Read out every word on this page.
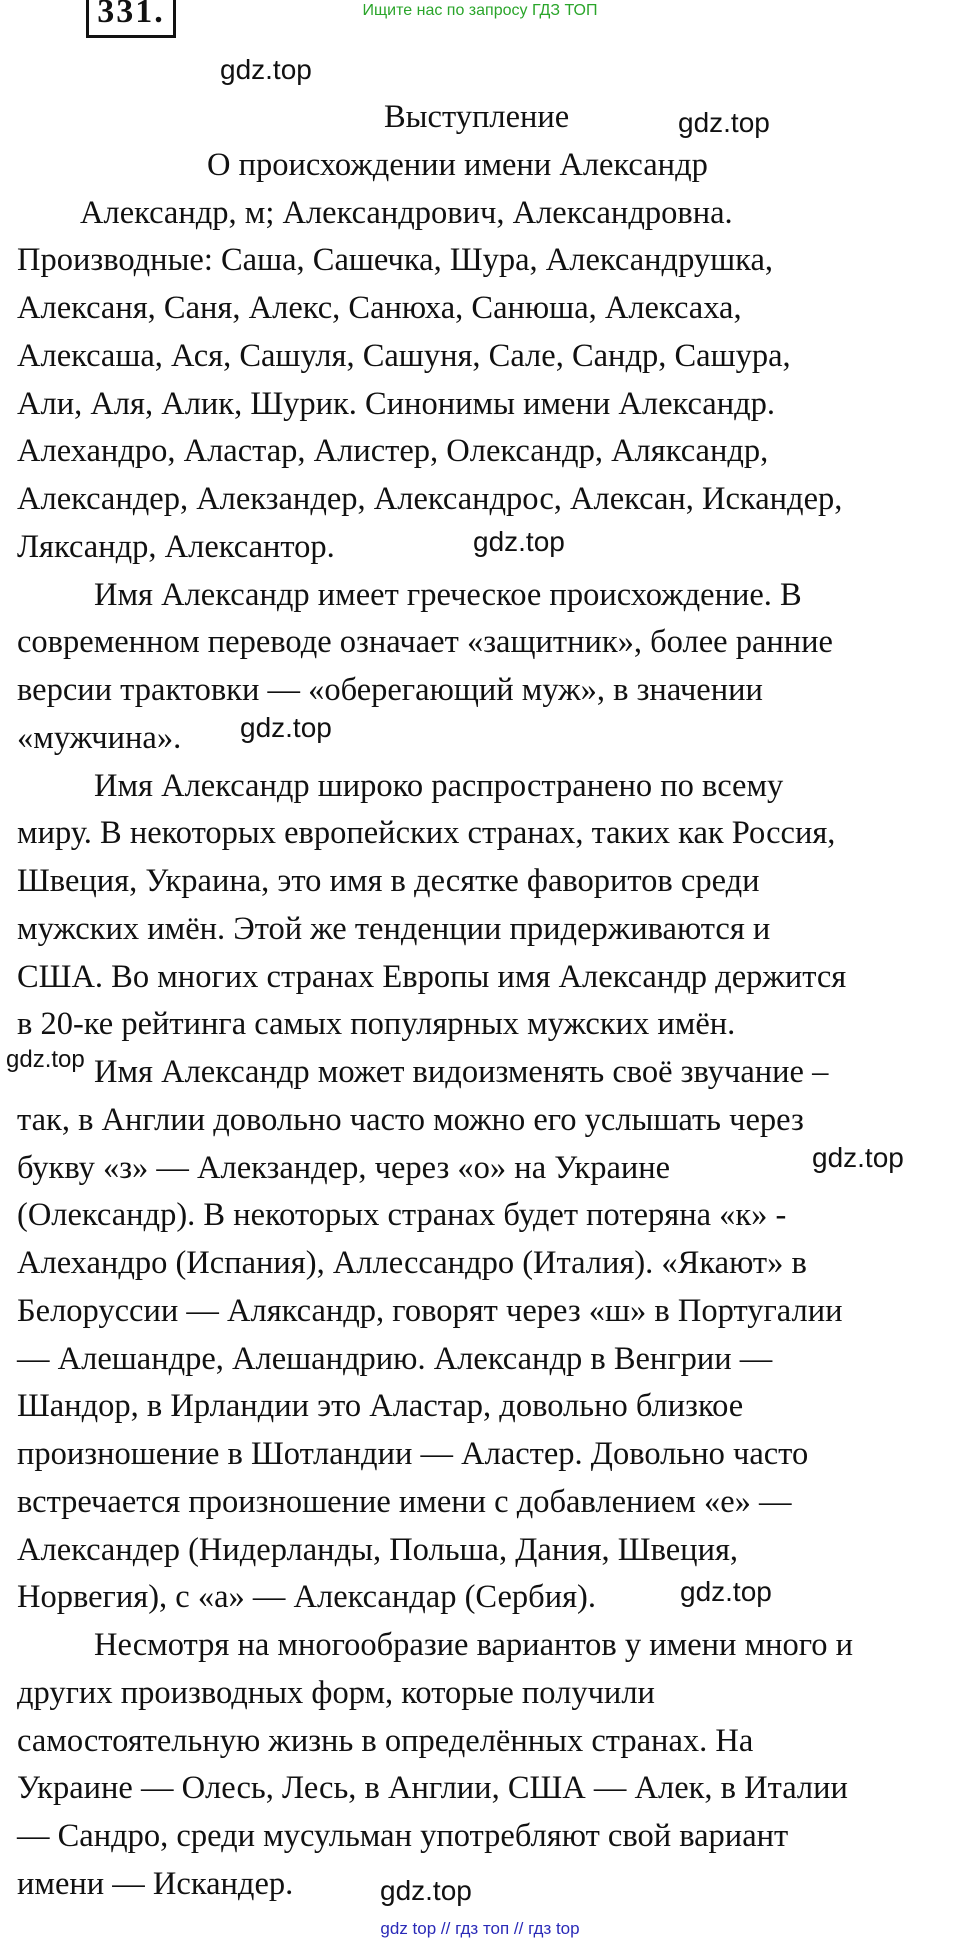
Ищите нас по запросу ГДЗ ТОП
331.
gdz.top
gdz.top
gdz.top
gdz.top
gdz.top
gdz.top
gdz.top
gdz.top
Выступление
О происхождении имени Александр
Александр, м; Александрович, Александровна.
Производные: Саша, Сашечка, Шура, Александрушка,
Алексаня, Саня, Алекс, Санюха, Санюша, Алексаха,
Алексаша, Ася, Сашуля, Сашуня, Сале, Сандр, Сашура,
Али, Аля, Алик, Шурик. Синонимы имени Александр.
Алехандро, Аластар, Алистер, Олександр, Аляксандр,
Александер, Алекзандер, Александрос, Алексан, Искандер,
Ляксандр, Алексантор.
Имя Александр имеет греческое происхождение. В
современном переводе означает «защитник», более ранние
версии трактовки — «оберегающий муж», в значении
«мужчина».
Имя Александр широко распространено по всему
миру. В некоторых европейских странах, таких как Россия,
Швеция, Украина, это имя в десятке фаворитов среди
мужских имён. Этой же тенденции придерживаются и
США. Во многих странах Европы имя Александр держится
в 20-ке рейтинга самых популярных мужских имён.
Имя Александр может видоизменять своё звучание –
так, в Англии довольно часто можно его услышать через
букву «з» — Алекзандер, через «о» на Украине
(Олександр). В некоторых странах будет потеряна «к» -
Алехандро (Испания), Аллессандро (Италия). «Якают» в
Белоруссии — Аляксандр, говорят через «ш» в Португалии
— Алешандре, Алешандрию. Александр в Венгрии —
Шандор, в Ирландии это Аластар, довольно близкое
произношение в Шотландии — Аластер. Довольно часто
встречается произношение имени с добавлением «е» —
Александер (Нидерланды, Польша, Дания, Швеция,
Норвегия), с «а» — Александар (Сербия).
Несмотря на многообразие вариантов у имени много и
других производных форм, которые получили
самостоятельную жизнь в определённых странах. На
Украине — Олесь, Лесь, в Англии, США — Алек, в Италии
— Сандро, среди мусульман употребляют свой вариант
имени — Искандер.
gdz top // гдз топ // гдз top
